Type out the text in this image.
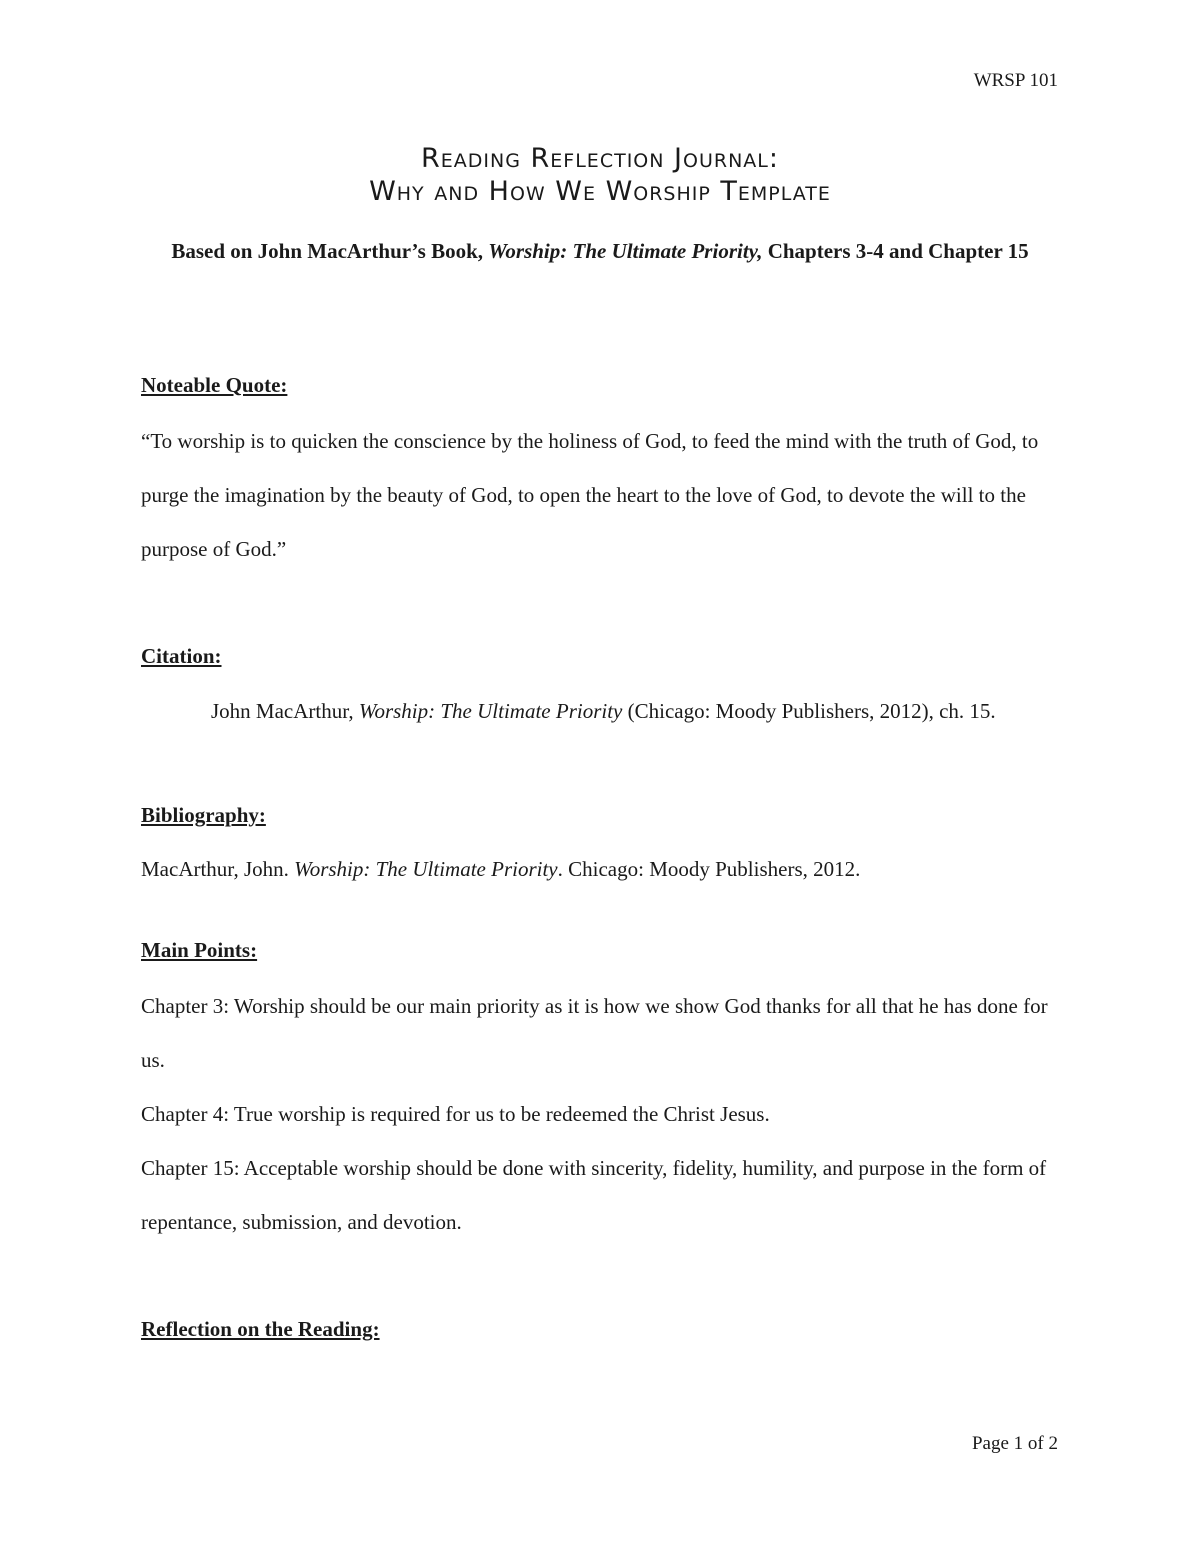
WRSP 101

Reading Reflection Journal:
Why and How We Worship Template

Based on John MacArthur’s Book, Worship: The Ultimate Priority, Chapters 3-4 and Chapter 15

Noteable Quote:

“To worship is to quicken the conscience by the holiness of God, to feed the mind with the truth of God, to purge the imagination by the beauty of God, to open the heart to the love of God, to devote the will to the purpose of God.”

Citation:

John MacArthur, Worship: The Ultimate Priority (Chicago: Moody Publishers, 2012), ch. 15.

Bibliography:

MacArthur, John. Worship: The Ultimate Priority. Chicago: Moody Publishers, 2012.

Main Points:

Chapter 3: Worship should be our main priority as it is how we show God thanks for all that he has done for us.
Chapter 4: True worship is required for us to be redeemed the Christ Jesus.
Chapter 15: Acceptable worship should be done with sincerity, fidelity, humility, and purpose in the form of repentance, submission, and devotion.

Reflection on the Reading:

Page 1 of 2
